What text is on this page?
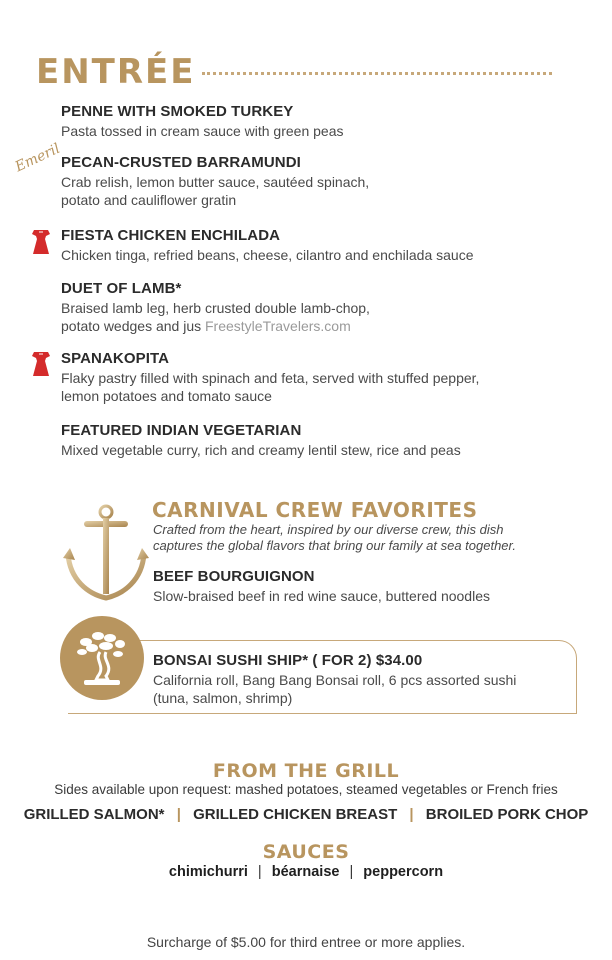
ENTRÉE
Emeril
PENNE WITH SMOKED TURKEY
Pasta tossed in cream sauce with green peas
PECAN-CRUSTED BARRAMUNDI
Crab relish, lemon butter sauce, sautéed spinach,
potato and cauliflower gratin
FIESTA CHICKEN ENCHILADA
Chicken tinga, refried beans, cheese, cilantro and enchilada sauce
DUET OF LAMB*
Braised lamb leg, herb crusted double lamb-chop,
potato wedges and jus FreestyleTravelers.com
SPANAKOPITA
Flaky pastry filled with spinach and feta, served with stuffed pepper,
lemon potatoes and tomato sauce
FEATURED INDIAN VEGETARIAN
Mixed vegetable curry, rich and creamy lentil stew, rice and peas
CARNIVAL CREW FAVORITES
Crafted from the heart, inspired by our diverse crew, this dish
captures the global flavors that bring our family at sea together.
BEEF BOURGUIGNON
Slow-braised beef in red wine sauce, buttered noodles
BONSAI SUSHI SHIP* ( FOR 2) $34.00
California roll, Bang Bang Bonsai roll, 6 pcs assorted sushi
(tuna, salmon, shrimp)
FROM THE GRILL
Sides available upon request: mashed potatoes, steamed vegetables or French fries
GRILLED SALMON* | GRILLED CHICKEN BREAST | BROILED PORK CHOP
SAUCES
chimichurri | béarnaise | peppercorn
Surcharge of $5.00 for third entree or more applies.
